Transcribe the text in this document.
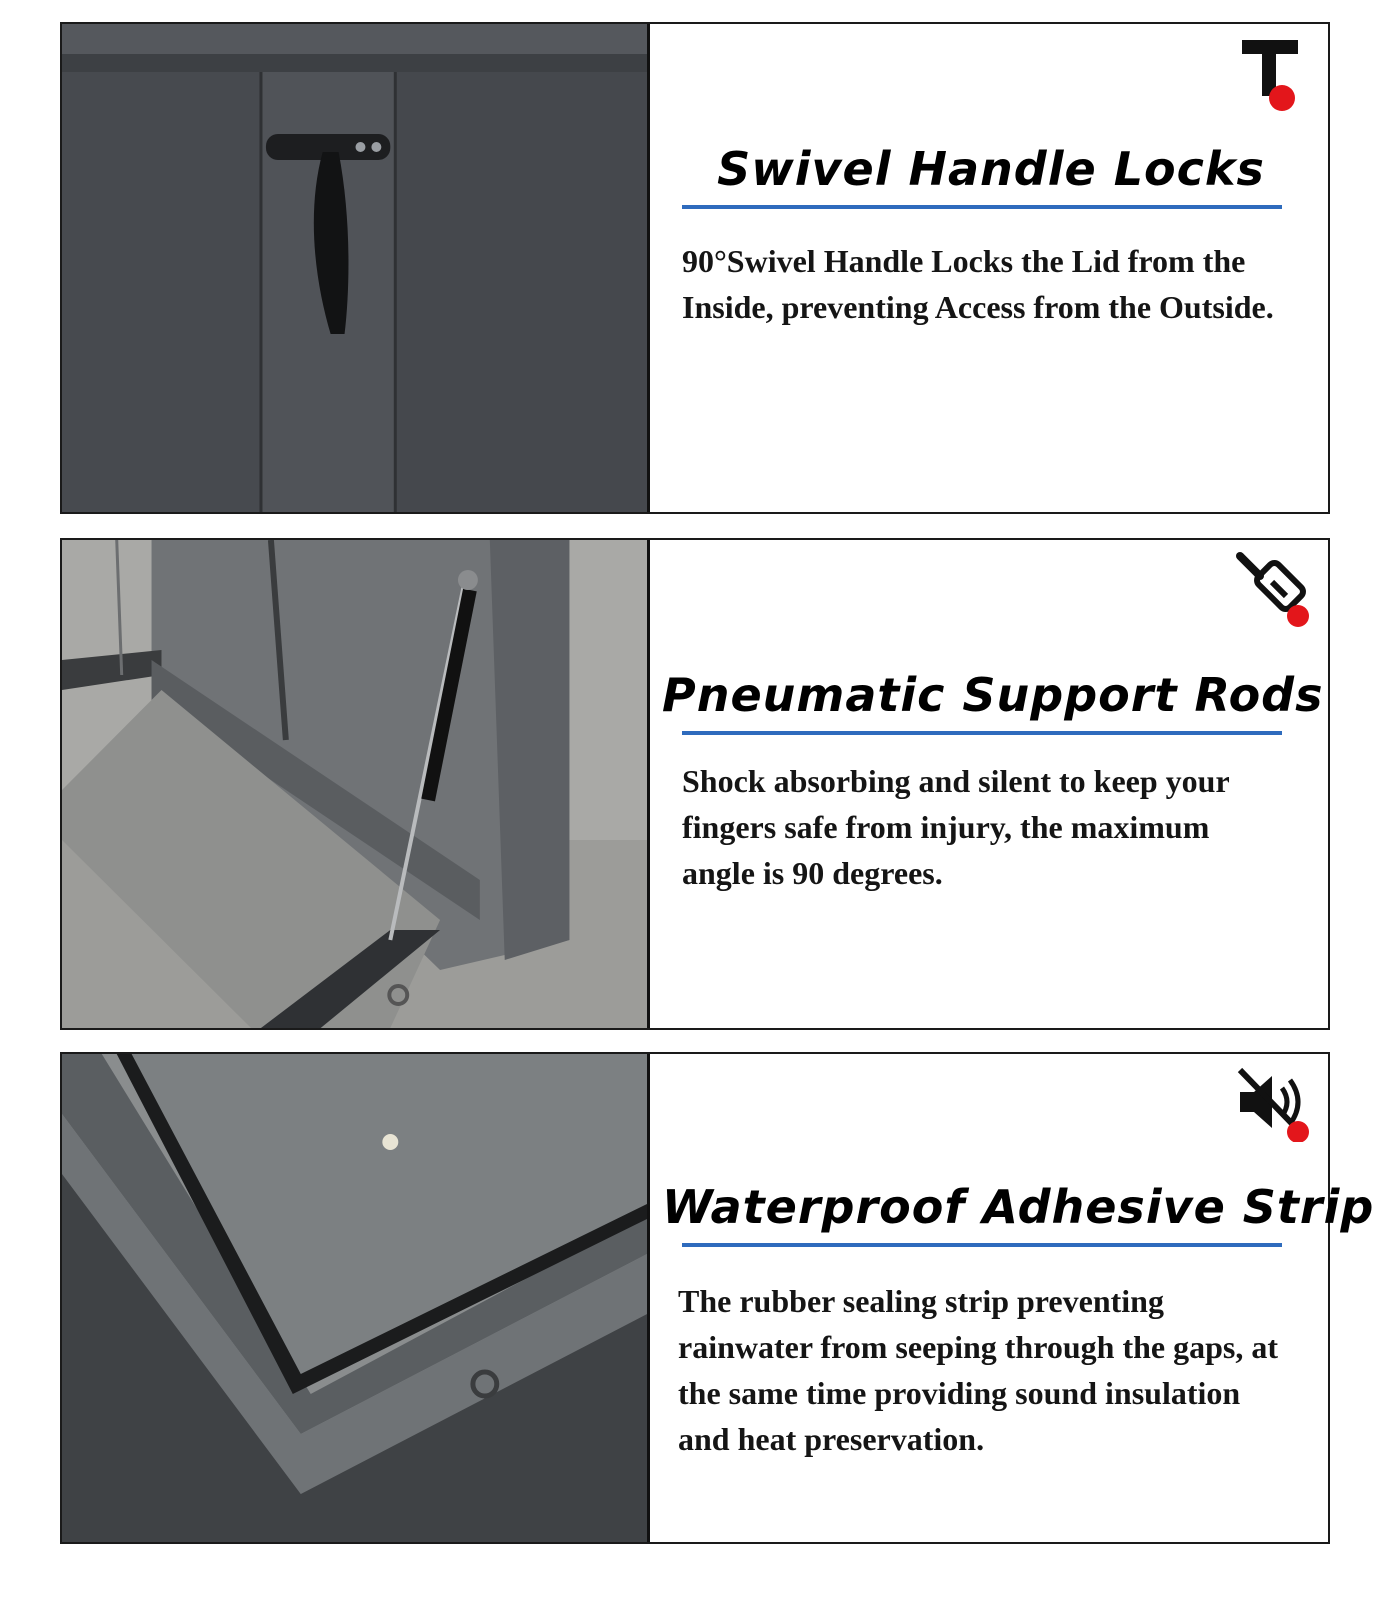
Swivel Handle Locks
90°Swivel Handle Locks the Lid from the Inside, preventing Access from the Outside.
Pneumatic Support Rods
Shock absorbing and silent to keep your fingers safe from injury, the maximum angle is 90 degrees.
Waterproof Adhesive Strip
The rubber sealing strip preventing rainwater from seeping through the gaps, at the same time providing sound insulation and heat preservation.
